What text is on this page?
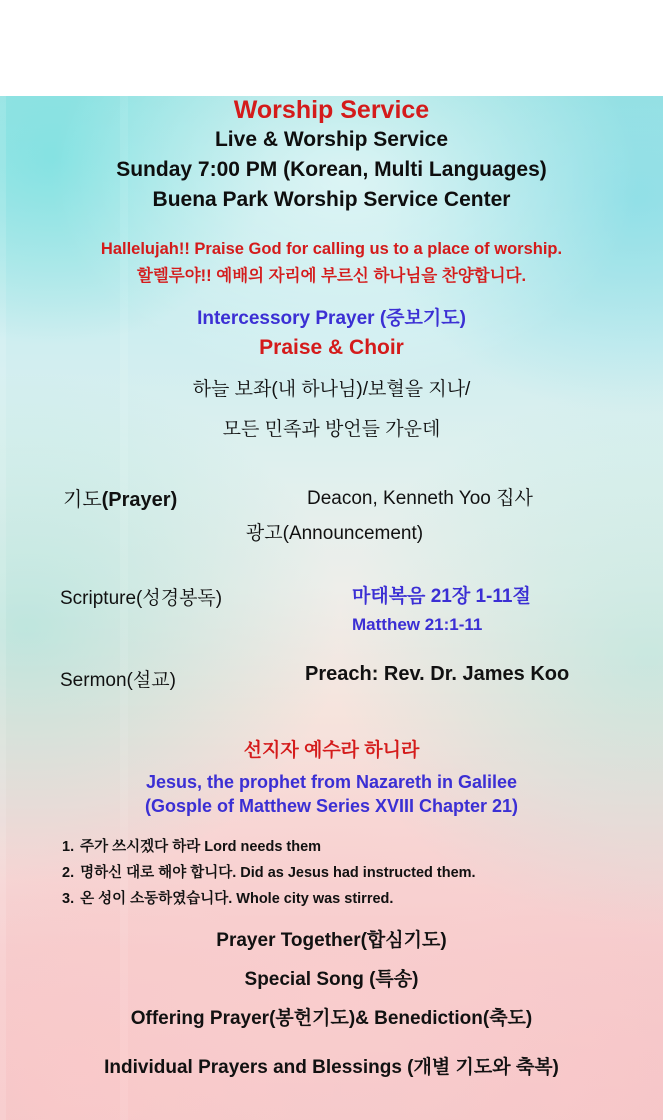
Worship Service
Live & Worship Service
Sunday 7:00 PM (Korean, Multi Languages)
Buena Park Worship Service Center
Hallelujah!! Praise God for calling us to a place of worship.
할렐루야!! 예배의 자리에 부르신 하나님을 찬양합니다.
Intercessory Prayer (중보기도)
Praise & Choir
하늘 보좌(내 하나님)/보혈을 지나/
모든 민족과 방언들 가운데
기도(Prayer)	Deacon, Kenneth Yoo 집사
광고(Announcement)
Scripture(성경봉독)	마태복음 21장 1-11절
Matthew 21:1-11
Sermon(설교)	Preach: Rev. Dr. James Koo
선지자 예수라 하니라
Jesus, the prophet from Nazareth in Galilee
(Gosple of Matthew Series XVIII Chapter 21)
1. 주가 쓰시겠다 하라 Lord needs them
2. 명하신 대로 해야 합니다. Did as Jesus had instructed them.
3. 온 성이 소동하였습니다. Whole city was stirred.
Prayer Together(합심기도)
Special Song (특송)
Offering Prayer(봉헌기도)& Benediction(축도)
Individual Prayers and Blessings (개별 기도와 축복)
